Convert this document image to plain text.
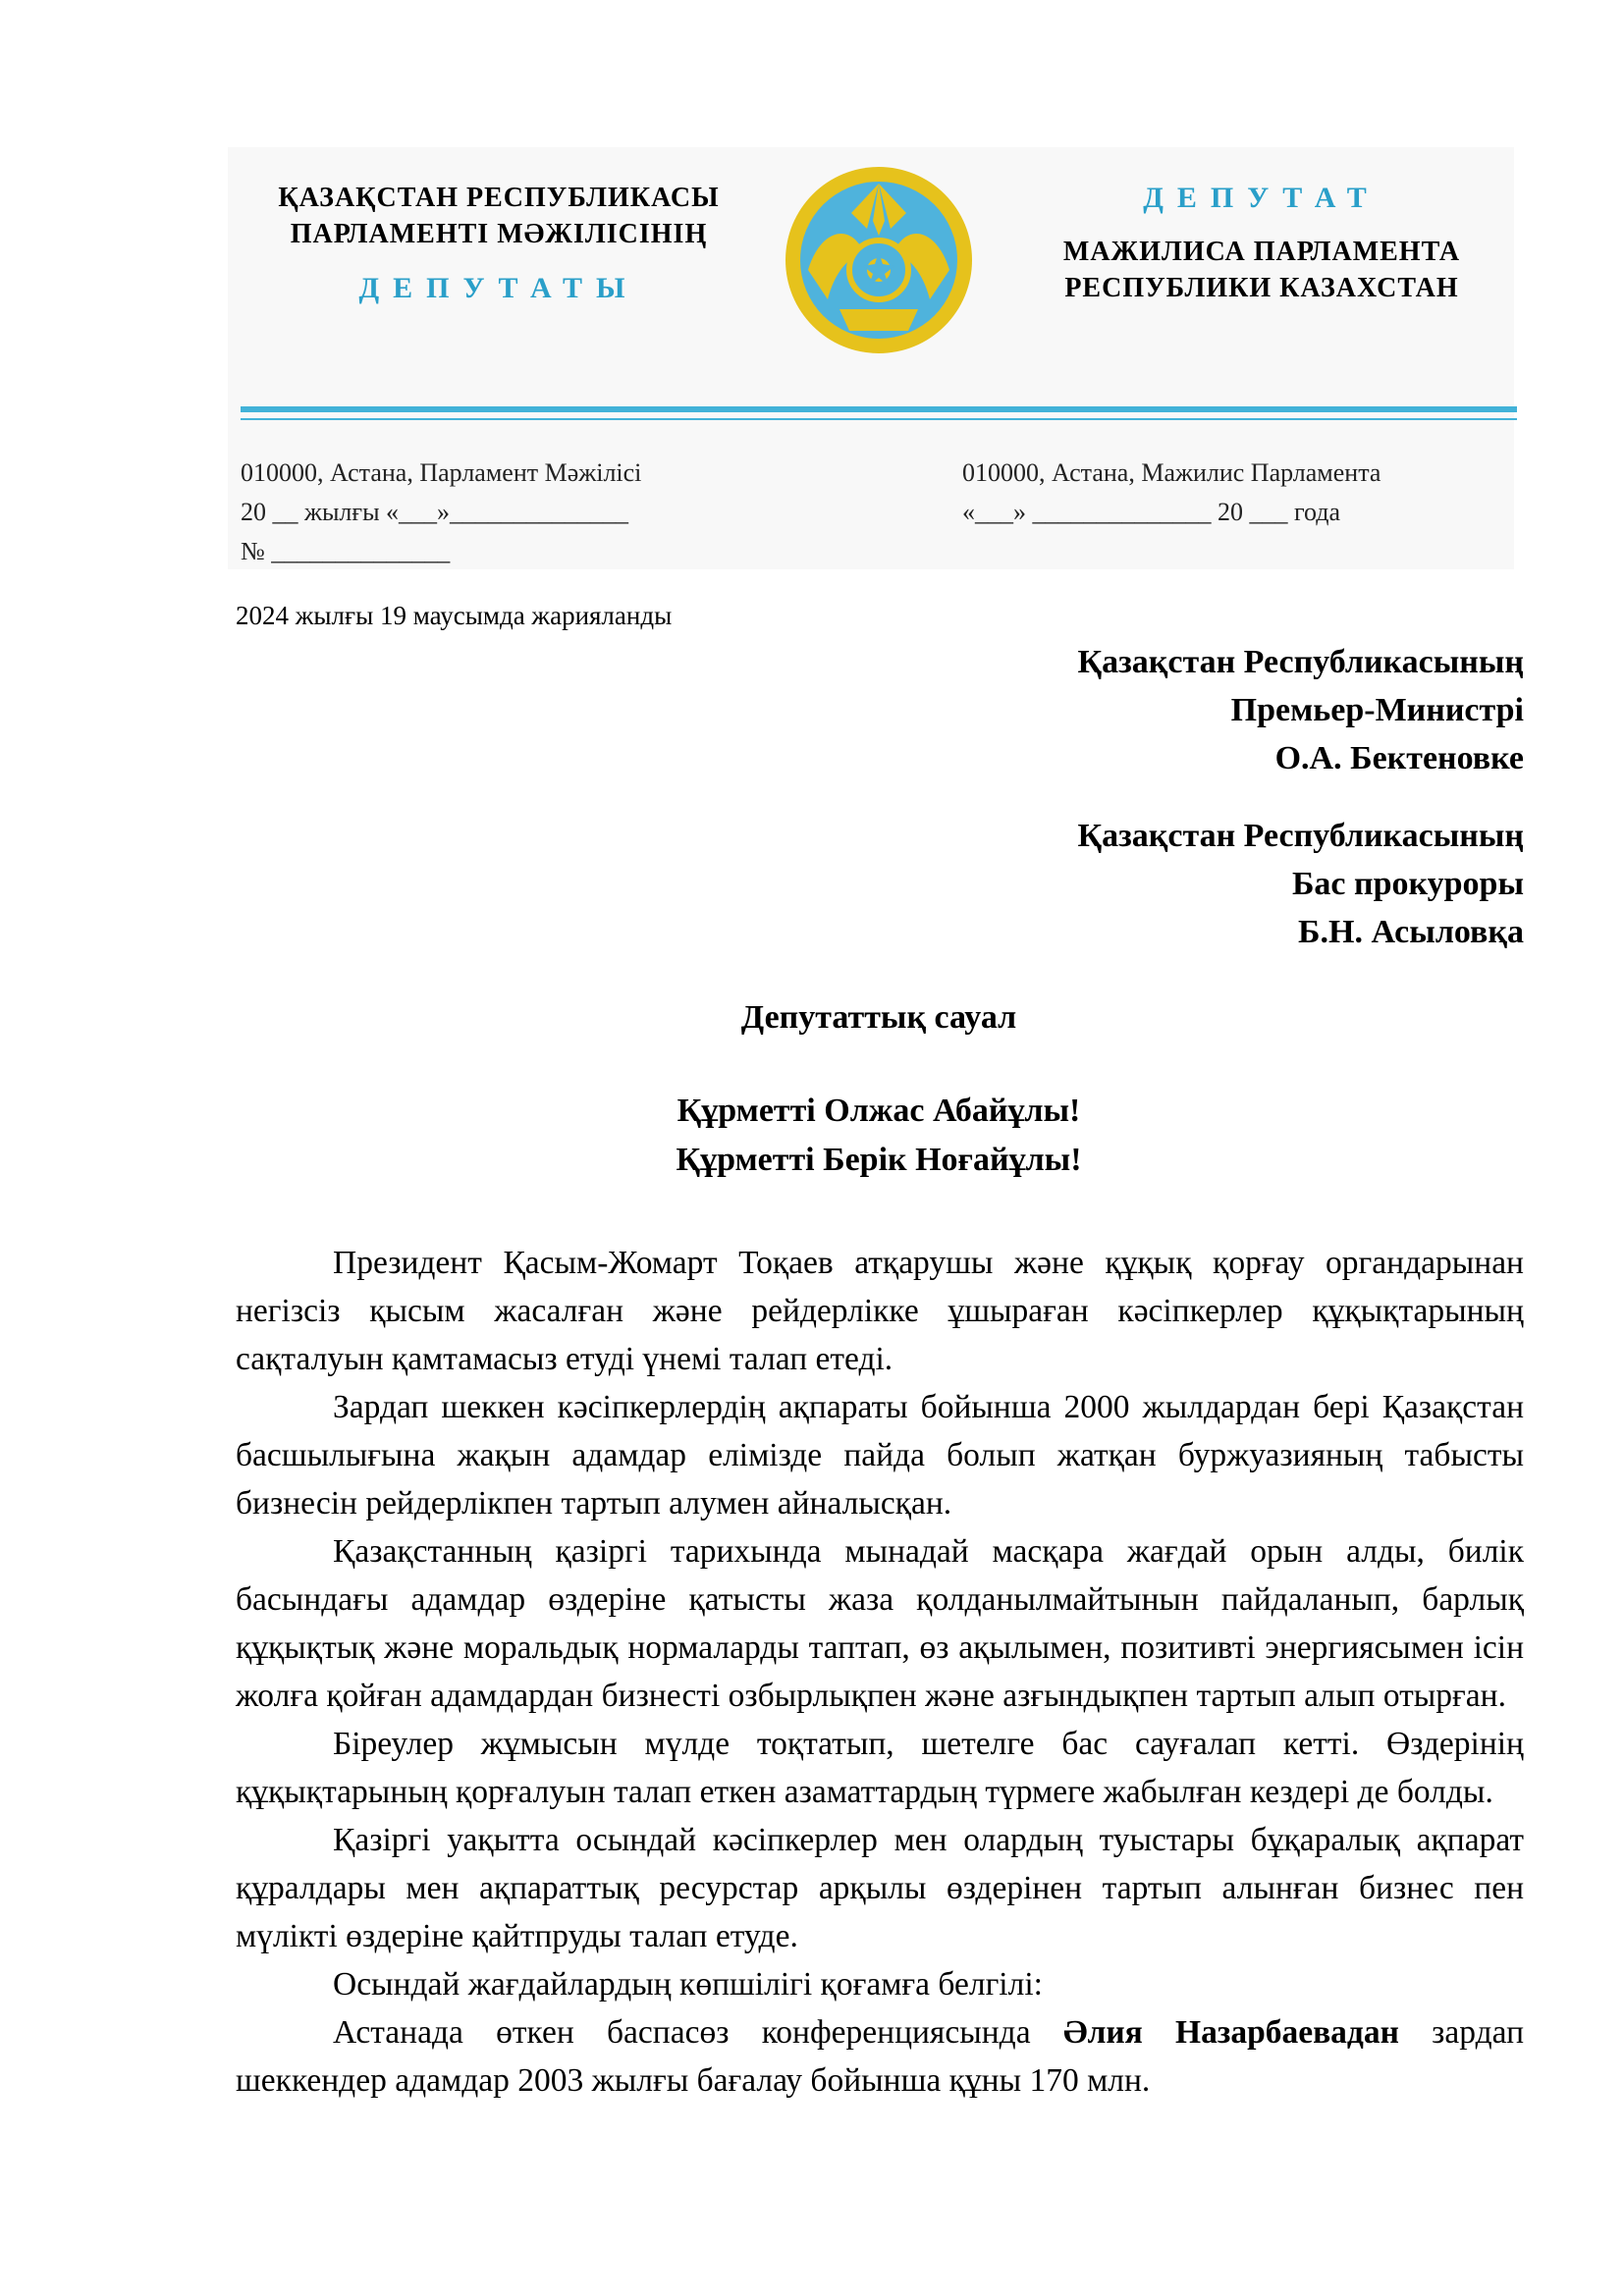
ҚАЗАҚСТАН РЕСПУБЛИКАСЫ
ПАРЛАМЕНТІ МӘЖІЛІСІНІҢ
ДЕПУТАТЫ
ДЕПУТАТ
МАЖИЛИСА ПАРЛАМЕНТА
РЕСПУБЛИКИ КАЗАХСТАН
010000, Астана, Парламент Мәжілісі
20 __ жылғы «___»______________
№ ______________
010000, Астана, Мажилис Парламента
«___» ______________ 20 ___ года
2024 жылғы 19 маусымда жарияланды
Қазақстан Республикасының
Премьер-Министрі
О.А. Бектеновке
Қазақстан Республикасының
Бас прокуроры
Б.Н. Асыловқа
Депутаттық сауал
Құрметті Олжас Абайұлы!
Құрметті Берік Ноғайұлы!

Президент Қасым-Жомарт Тоқаев атқарушы және құқық қорғау органдарынан негізсіз қысым жасалған және рейдерлікке ұшыраған кәсіпкерлер құқықтарының сақталуын қамтамасыз етуді үнемі талап етеді.

Зардап шеккен кәсіпкерлердің ақпараты бойынша 2000 жылдардан бері Қазақстан басшылығына жақын адамдар елімізде пайда болып жатқан буржуазияның табысты бизнесін рейдерлікпен тартып алумен айналысқан.

Қазақстанның қазіргі тарихында мынадай масқара жағдай орын алды, билік басындағы адамдар өздеріне қатысты жаза қолданылмайтынын пайдаланып, барлық құқықтық және моральдық нормаларды таптап, өз ақылымен, позитивті энергиясымен ісін жолға қойған адамдардан бизнесті озбырлықпен және азғындықпен тартып алып отырған.

Біреулер жұмысын мүлде тоқтатып, шетелге бас сауғалап кетті. Өздерінің құқықтарының қорғалуын талап еткен азаматтардың түрмеге жабылған кездері де болды.

Қазіргі уақытта осындай кәсіпкерлер мен олардың туыстары бұқаралық ақпарат құралдары мен ақпараттық ресурстар арқылы өздерінен тартып алынған бизнес пен мүлікті өздеріне қайтпруды талап етуде.

Осындай жағдайлардың көпшілігі қоғамға белгілі:

Астанада өткен баспасөз конференциясында Әлия Назарбаевадан зардап шеккендер адамдар 2003 жылғы бағалау бойынша құны 170 млн.
